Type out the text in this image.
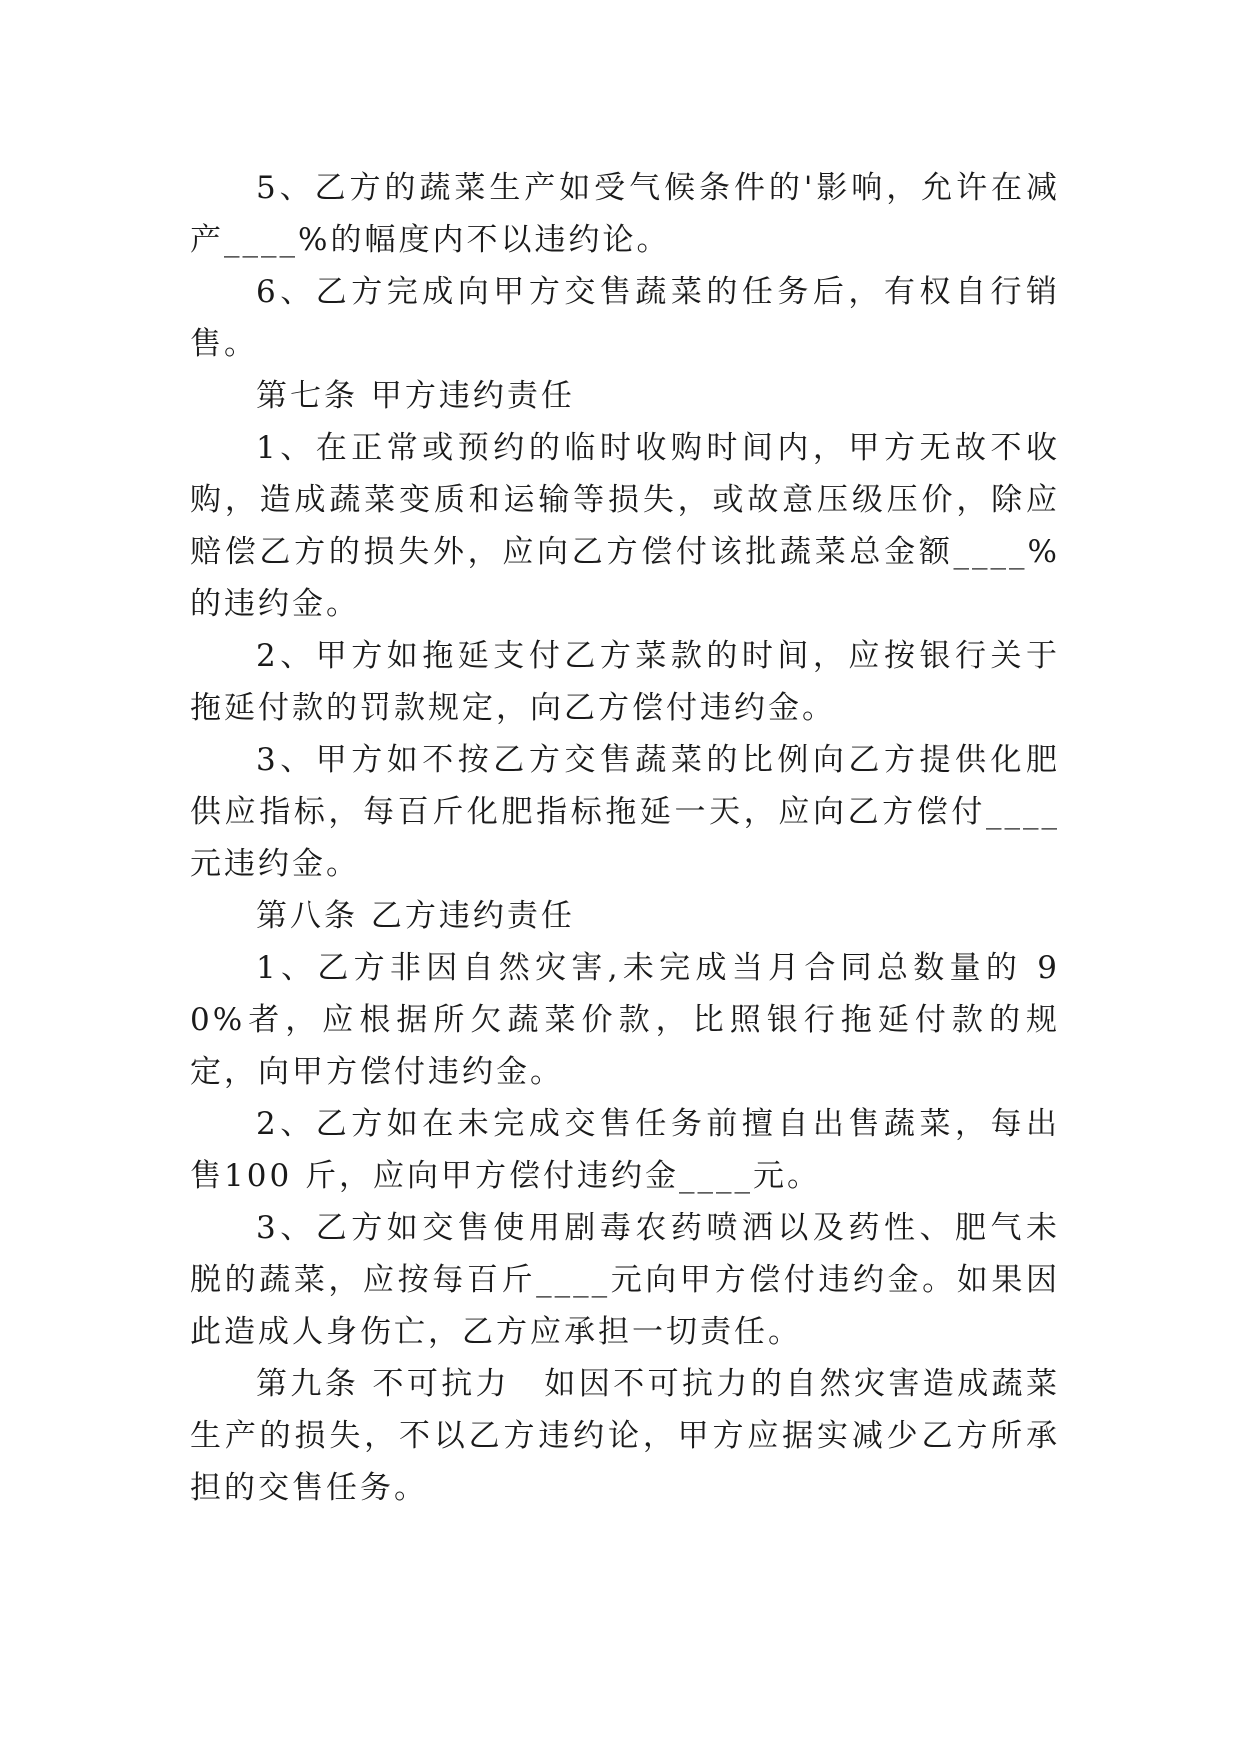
5、乙方的蔬菜生产如受气候条件的'影响，允许在减产____%的幅度内不以违约论。

6、乙方完成向甲方交售蔬菜的任务后，有权自行销售。

第七条 甲方违约责任

1、在正常或预约的临时收购时间内，甲方无故不收购，造成蔬菜变质和运输等损失，或故意压级压价，除应赔偿乙方的损失外，应向乙方偿付该批蔬菜总金额____%的违约金。

2、甲方如拖延支付乙方菜款的时间，应按银行关于拖延付款的罚款规定，向乙方偿付违约金。

3、甲方如不按乙方交售蔬菜的比例向乙方提供化肥供应指标，每百斤化肥指标拖延一天，应向乙方偿付____元违约金。

第八条 乙方违约责任

1、乙方非因自然灾害,未完成当月合同总数量的 90%者，应根据所欠蔬菜价款，比照银行拖延付款的规定，向甲方偿付违约金。

2、乙方如在未完成交售任务前擅自出售蔬菜，每出售100 斤，应向甲方偿付违约金____元。

3、乙方如交售使用剧毒农药喷洒以及药性、肥气未脱的蔬菜，应按每百斤____元向甲方偿付违约金。如果因此造成人身伤亡，乙方应承担一切责任。

第九条 不可抗力　如因不可抗力的自然灾害造成蔬菜生产的损失，不以乙方违约论，甲方应据实减少乙方所承担的交售任务。
